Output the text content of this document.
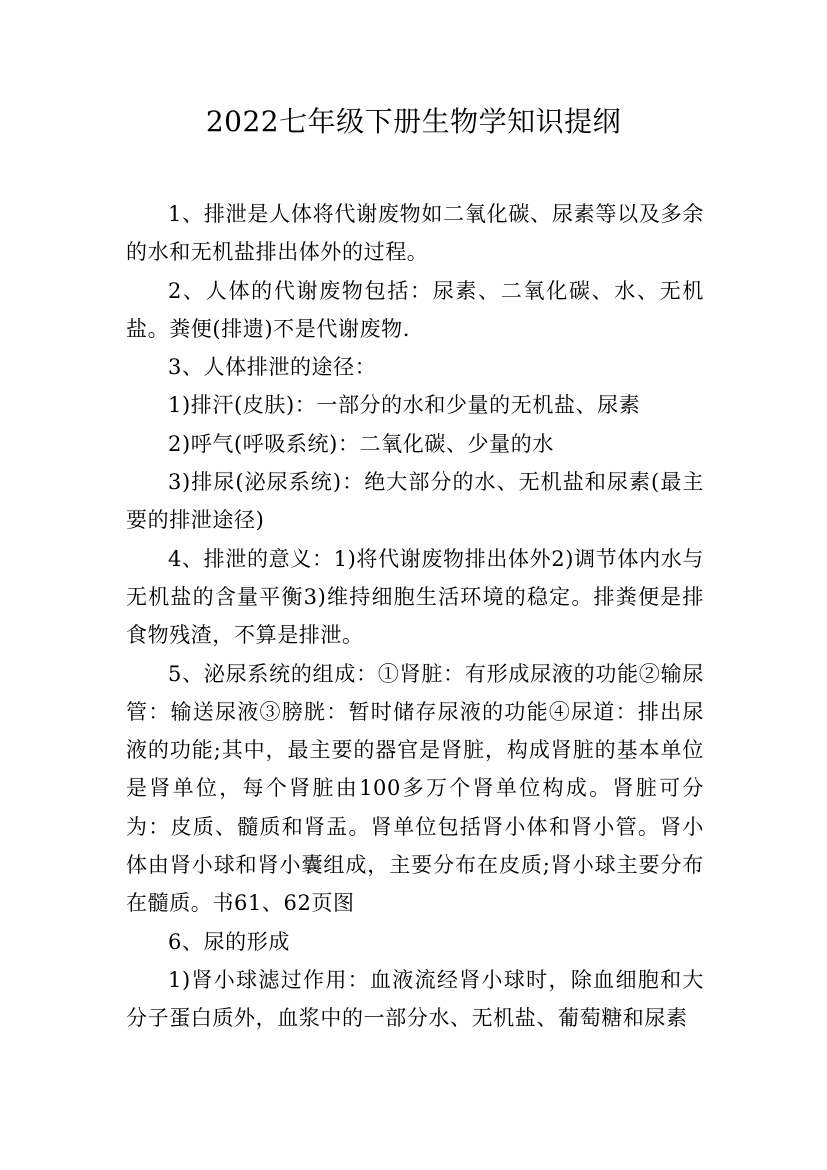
2022七年级下册生物学知识提纲

1、排泄是人体将代谢废物如二氧化碳、尿素等以及多余的水和无机盐排出体外的过程。

2、人体的代谢废物包括：尿素、二氧化碳、水、无机盐。粪便(排遗)不是代谢废物.

3、人体排泄的途径：

1)排汗(皮肤)：一部分的水和少量的无机盐、尿素

2)呼气(呼吸系统)：二氧化碳、少量的水

3)排尿(泌尿系统)：绝大部分的水、无机盐和尿素(最主要的排泄途径)

4、排泄的意义：1)将代谢废物排出体外2)调节体内水与无机盐的含量平衡3)维持细胞生活环境的稳定。排粪便是排食物残渣，不算是排泄。

5、泌尿系统的组成：①肾脏：有形成尿液的功能②输尿管：输送尿液③膀胱：暂时储存尿液的功能④尿道：排出尿液的功能;其中，最主要的器官是肾脏，构成肾脏的基本单位是肾单位，每个肾脏由100多万个肾单位构成。肾脏可分为：皮质、髓质和肾盂。肾单位包括肾小体和肾小管。肾小体由肾小球和肾小囊组成，主要分布在皮质;肾小球主要分布在髓质。书61、62页图

6、尿的形成

1)肾小球滤过作用：血液流经肾小球时，除血细胞和大分子蛋白质外，血浆中的一部分水、无机盐、葡萄糖和尿素
